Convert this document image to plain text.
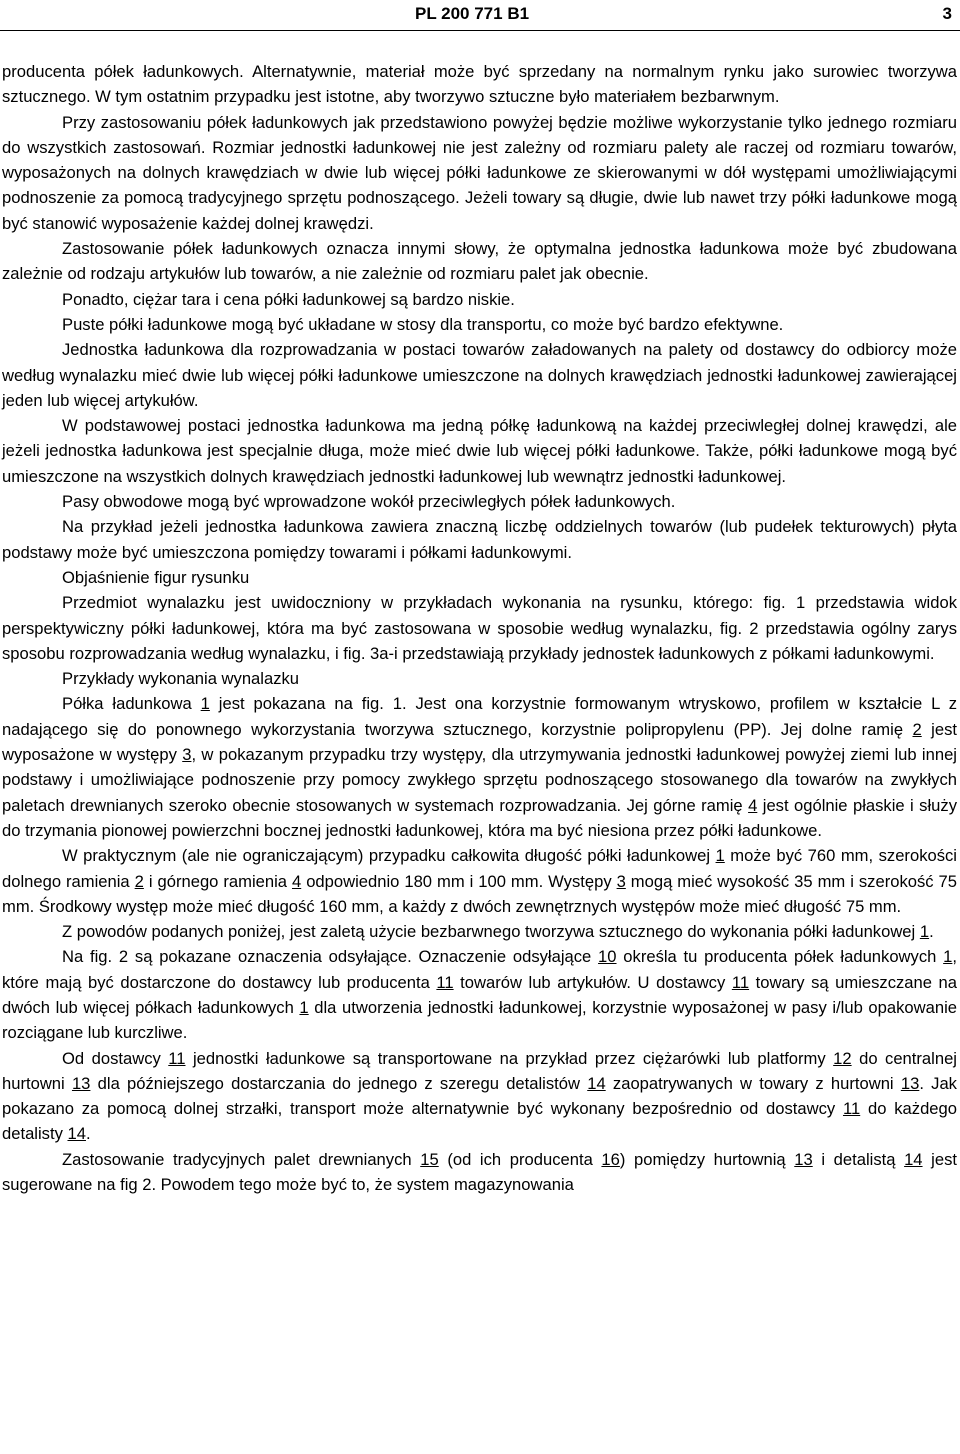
PL 200 771 B1	3

producenta półek ładunkowych. Alternatywnie, materiał może być sprzedany na normalnym rynku jako surowiec tworzywa sztucznego. W tym ostatnim przypadku jest istotne, aby tworzywo sztuczne było materiałem bezbarwnym.

Przy zastosowaniu półek ładunkowych jak przedstawiono powyżej będzie możliwe wykorzystanie tylko jednego rozmiaru do wszystkich zastosowań. Rozmiar jednostki ładunkowej nie jest zależny od rozmiaru palety ale raczej od rozmiaru towarów, wyposażonych na dolnych krawędziach w dwie lub więcej półki ładunkowe ze skierowanymi w dół występami umożliwiającymi podnoszenie za pomocą tradycyjnego sprzętu podnoszącego. Jeżeli towary są długie, dwie lub nawet trzy półki ładunkowe mogą być stanowić wyposażenie każdej dolnej krawędzi.

Zastosowanie półek ładunkowych oznacza innymi słowy, że optymalna jednostka ładunkowa może być zbudowana zależnie od rodzaju artykułów lub towarów, a nie zależnie od rozmiaru palet jak obecnie.

Ponadto, ciężar tara i cena półki ładunkowej są bardzo niskie.

Puste półki ładunkowe mogą być układane w stosy dla transportu, co może być bardzo efektywne.

Jednostka ładunkowa dla rozprowadzania w postaci towarów załadowanych na palety od dostawcy do odbiorcy może według wynalazku mieć dwie lub więcej półki ładunkowe umieszczone na dolnych krawędziach jednostki ładunkowej zawierającej jeden lub więcej artykułów.

W podstawowej postaci jednostka ładunkowa ma jedną półkę ładunkową na każdej przeciwległej dolnej krawędzi, ale jeżeli jednostka ładunkowa jest specjalnie długa, może mieć dwie lub więcej półki ładunkowe. Także, półki ładunkowe mogą być umieszczone na wszystkich dolnych krawędziach jednostki ładunkowej lub wewnątrz jednostki ładunkowej.

Pasy obwodowe mogą być wprowadzone wokół przeciwległych półek ładunkowych.

Na przykład jeżeli jednostka ładunkowa zawiera znaczną liczbę oddzielnych towarów (lub pudełek tekturowych) płyta podstawy może być umieszczona pomiędzy towarami i półkami ładunkowymi.

Objaśnienie figur rysunku

Przedmiot wynalazku jest uwidoczniony w przykładach wykonania na rysunku, którego: fig. 1 przedstawia widok perspektywiczny półki ładunkowej, która ma być zastosowana w sposobie według wynalazku, fig. 2 przedstawia ogólny zarys sposobu rozprowadzania według wynalazku, i fig. 3a-i przedstawiają przykłady jednostek ładunkowych z półkami ładunkowymi.

Przykłady wykonania wynalazku

Półka ładunkowa 1 jest pokazana na fig. 1. Jest ona korzystnie formowanym wtryskowo, profilem w kształcie L z nadającego się do ponownego wykorzystania tworzywa sztucznego, korzystnie polipropylenu (PP). Jej dolne ramię 2 jest wyposażone w występy 3, w pokazanym przypadku trzy występy, dla utrzymywania jednostki ładunkowej powyżej ziemi lub innej podstawy i umożliwiające podnoszenie przy pomocy zwykłego sprzętu podnoszącego stosowanego dla towarów na zwykłych paletach drewnianych szeroko obecnie stosowanych w systemach rozprowadzania. Jej górne ramię 4 jest ogólnie płaskie i służy do trzymania pionowej powierzchni bocznej jednostki ładunkowej, która ma być niesiona przez półki ładunkowe.

W praktycznym (ale nie ograniczającym) przypadku całkowita długość półki ładunkowej 1 może być 760 mm, szerokości dolnego ramienia 2 i górnego ramienia 4 odpowiednio 180 mm i 100 mm. Występy 3 mogą mieć wysokość 35 mm i szerokość 75 mm. Środkowy występ może mieć długość 160 mm, a każdy z dwóch zewnętrznych występów może mieć długość 75 mm.

Z powodów podanych poniżej, jest zaletą użycie bezbarwnego tworzywa sztucznego do wykonania półki ładunkowej 1.

Na fig. 2 są pokazane oznaczenia odsyłające. Oznaczenie odsyłające 10 określa tu producenta półek ładunkowych 1, które mają być dostarczone do dostawcy lub producenta 11 towarów lub artykułów. U dostawcy 11 towary są umieszczane na dwóch lub więcej półkach ładunkowych 1 dla utworzenia jednostki ładunkowej, korzystnie wyposażonej w pasy i/lub opakowanie rozciągane lub kurczliwe.

Od dostawcy 11 jednostki ładunkowe są transportowane na przykład przez ciężarówki lub platformy 12 do centralnej hurtowni 13 dla późniejszego dostarczania do jednego z szeregu detalistów 14 zaopatrywanych w towary z hurtowni 13. Jak pokazano za pomocą dolnej strzałki, transport może alternatywnie być wykonany bezpośrednio od dostawcy 11 do każdego detalisty 14.

Zastosowanie tradycyjnych palet drewnianych 15 (od ich producenta 16) pomiędzy hurtownią 13 i detalistą 14 jest sugerowane na fig 2. Powodem tego może być to, że system magazynowania
